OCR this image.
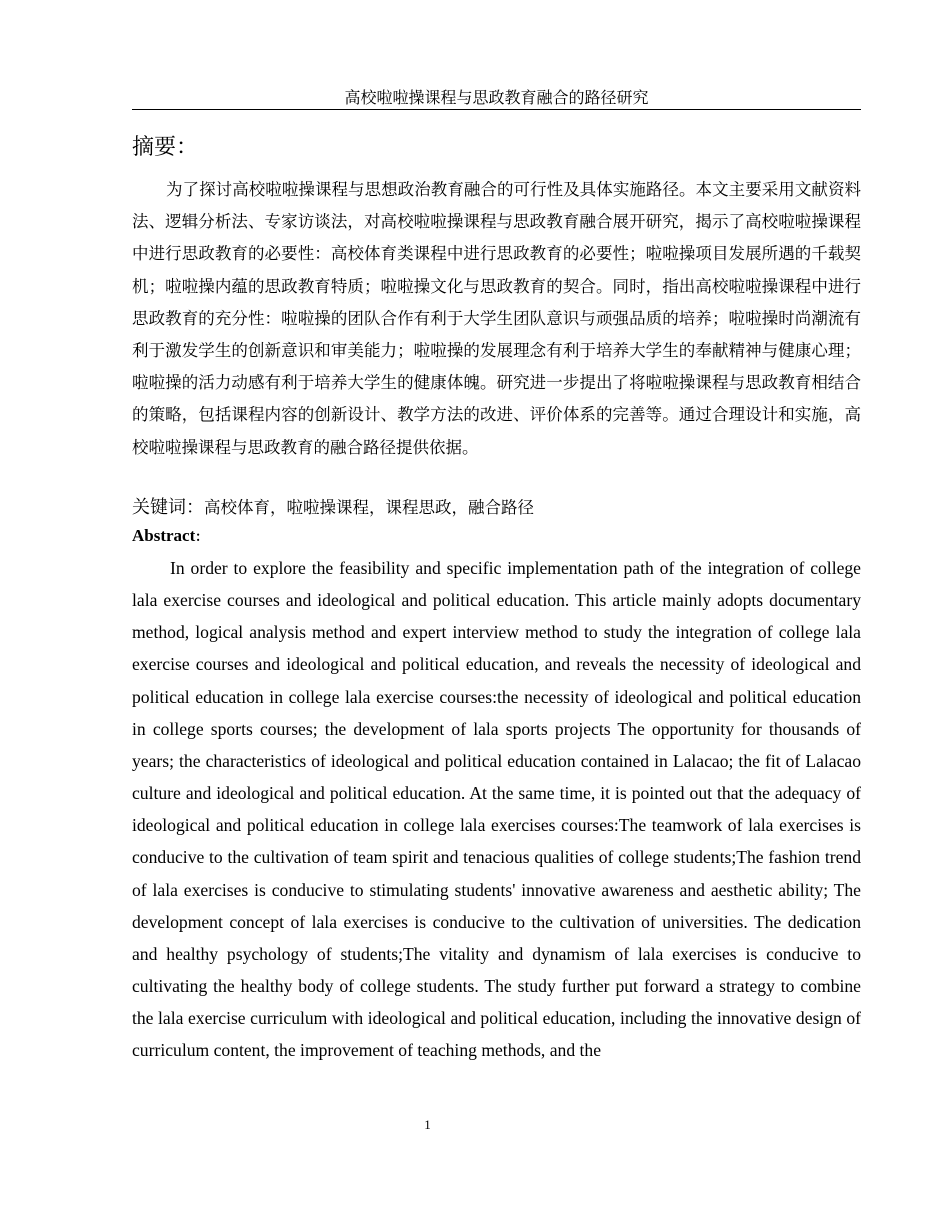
高校啦啦操课程与思政教育融合的路径研究
摘要：

为了探讨高校啦啦操课程与思想政治教育融合的可行性及具体实施路径。本文主要采用文献资料法、逻辑分析法、专家访谈法，对高校啦啦操课程与思政教育融合展开研究，揭示了高校啦啦操课程中进行思政教育的必要性：高校体育类课程中进行思政教育的必要性；啦啦操项目发展所遇的千载契机；啦啦操内蕴的思政教育特质；啦啦操文化与思政教育的契合。同时，指出高校啦啦操课程中进行思政教育的充分性：啦啦操的团队合作有利于大学生团队意识与顽强品质的培养；啦啦操时尚潮流有利于激发学生的创新意识和审美能力；啦啦操的发展理念有利于培养大学生的奉献精神与健康心理；啦啦操的活力动感有利于培养大学生的健康体魄。研究进一步提出了将啦啦操课程与思政教育相结合的策略，包括课程内容的创新设计、教学方法的改进、评价体系的完善等。通过合理设计和实施，高校啦啦操课程与思政教育的融合路径提供依据。

关键词：高校体育，啦啦操课程，课程思政，融合路径
Abstract:

In order to explore the feasibility and specific implementation path of the integration of college lala exercise courses and ideological and political education. This article mainly adopts documentary method, logical analysis method and expert interview method to study the integration of college lala exercise courses and ideological and political education, and reveals the necessity of ideological and political education in college lala exercise courses:the necessity of ideological and political education in college sports courses; the development of lala sports projects The opportunity for thousands of years; the characteristics of ideological and political education contained in Lalacao; the fit of Lalacao culture and ideological and political education. At the same time, it is pointed out that the adequacy of ideological and political education in college lala exercises courses:The teamwork of lala exercises is conducive to the cultivation of team spirit and tenacious qualities of college students;The fashion trend of lala exercises is conducive to stimulating students' innovative awareness and aesthetic ability; The development concept of lala exercises is conducive to the cultivation of universities. The dedication and healthy psychology of students;The vitality and dynamism of lala exercises is conducive to cultivating the healthy body of college students. The study further put forward a strategy to combine the lala exercise curriculum with ideological and political education, including the innovative design of curriculum content, the improvement of teaching methods, and the

1
